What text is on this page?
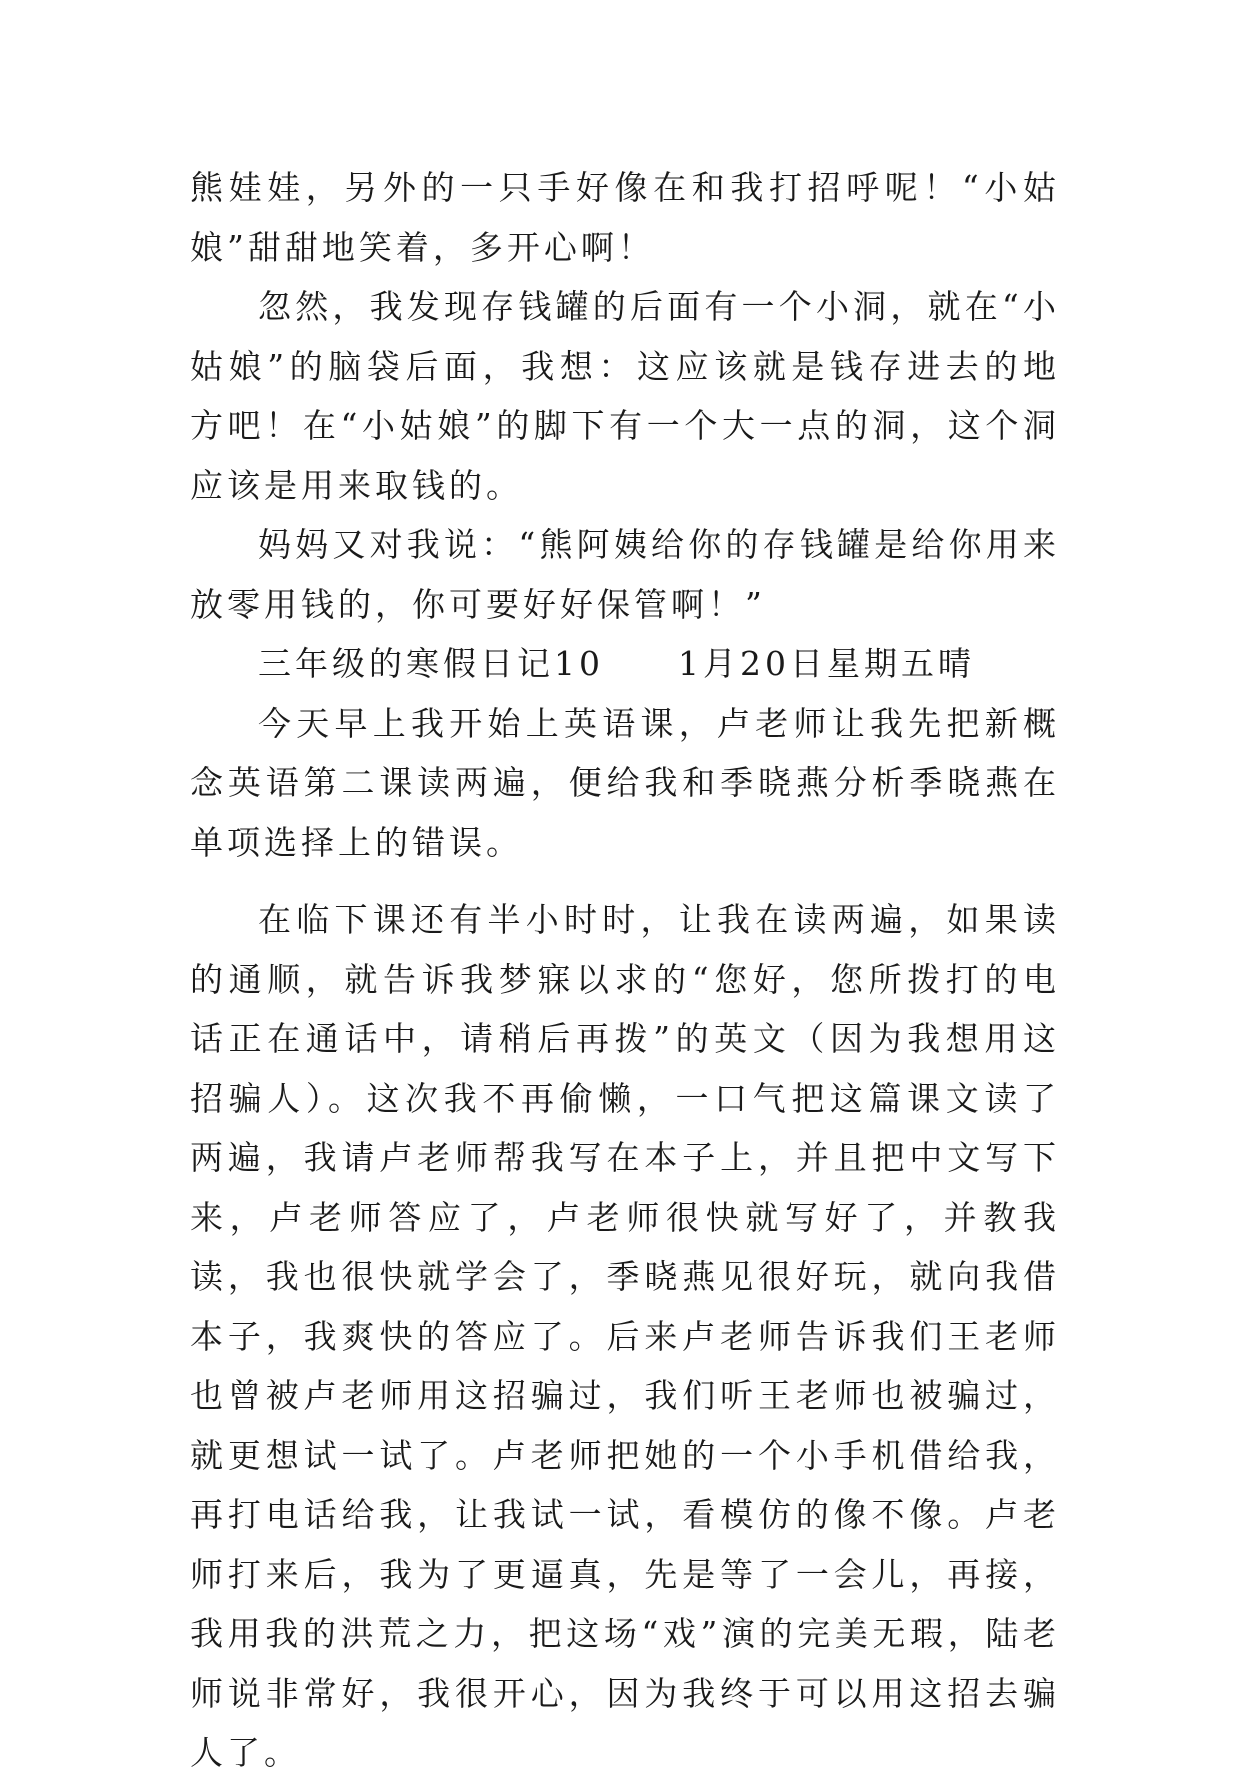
熊娃娃，另外的一只手好像在和我打招呼呢！“小姑娘”甜甜地笑着，多开心啊！

忽然，我发现存钱罐的后面有一个小洞，就在“小姑娘”的脑袋后面，我想：这应该就是钱存进去的地方吧！在“小姑娘”的脚下有一个大一点的洞，这个洞应该是用来取钱的。

妈妈又对我说：“熊阿姨给你的存钱罐是给你用来放零用钱的，你可要好好保管啊！”

三年级的寒假日记10　　1月20日星期五晴

今天早上我开始上英语课，卢老师让我先把新概念英语第二课读两遍，便给我和季晓燕分析季晓燕在单项选择上的错误。

在临下课还有半小时时，让我在读两遍，如果读的通顺，就告诉我梦寐以求的“您好，您所拨打的电话正在通话中，请稍后再拨”的英文（因为我想用这招骗人）。这次我不再偷懒，一口气把这篇课文读了两遍，我请卢老师帮我写在本子上，并且把中文写下来，卢老师答应了，卢老师很快就写好了，并教我读，我也很快就学会了，季晓燕见很好玩，就向我借本子，我爽快的答应了。后来卢老师告诉我们王老师也曾被卢老师用这招骗过，我们听王老师也被骗过，就更想试一试了。卢老师把她的一个小手机借给我，再打电话给我，让我试一试，看模仿的像不像。卢老师打来后，我为了更逼真，先是等了一会儿，再接，我用我的洪荒之力，把这场“戏”演的完美无瑕，陆老师说非常好，我很开心，因为我终于可以用这招去骗人了。
